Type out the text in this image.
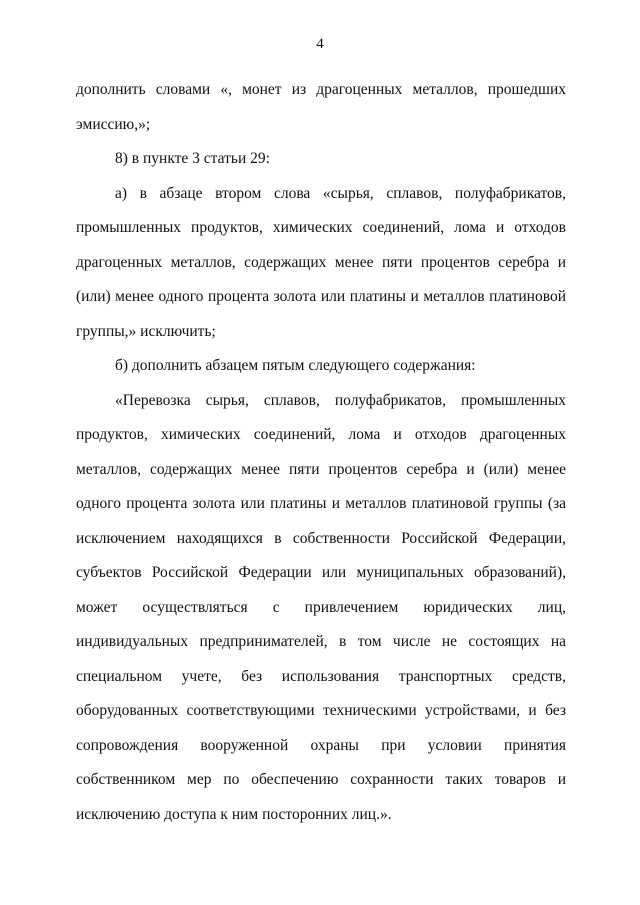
4

дополнить словами «, монет из драгоценных металлов, прошедших эмиссию,»;

8) в пункте 3 статьи 29:

а) в абзаце втором слова «сырья, сплавов, полуфабрикатов, промышленных продуктов, химических соединений, лома и отходов драгоценных металлов, содержащих менее пяти процентов серебра и (или) менее одного процента золота или платины и металлов платиновой группы,» исключить;

б) дополнить абзацем пятым следующего содержания:

«Перевозка сырья, сплавов, полуфабрикатов, промышленных продуктов, химических соединений, лома и отходов драгоценных металлов, содержащих менее пяти процентов серебра и (или) менее одного процента золота или платины и металлов платиновой группы (за исключением находящихся в собственности Российской Федерации, субъектов Российской Федерации или муниципальных образований), может осуществляться с привлечением юридических лиц, индивидуальных предпринимателей, в том числе не состоящих на специальном учете, без использования транспортных средств, оборудованных соответствующими техническими устройствами, и без сопровождения вооруженной охраны при условии принятия собственником мер по обеспечению сохранности таких товаров и исключению доступа к ним посторонних лиц.».
